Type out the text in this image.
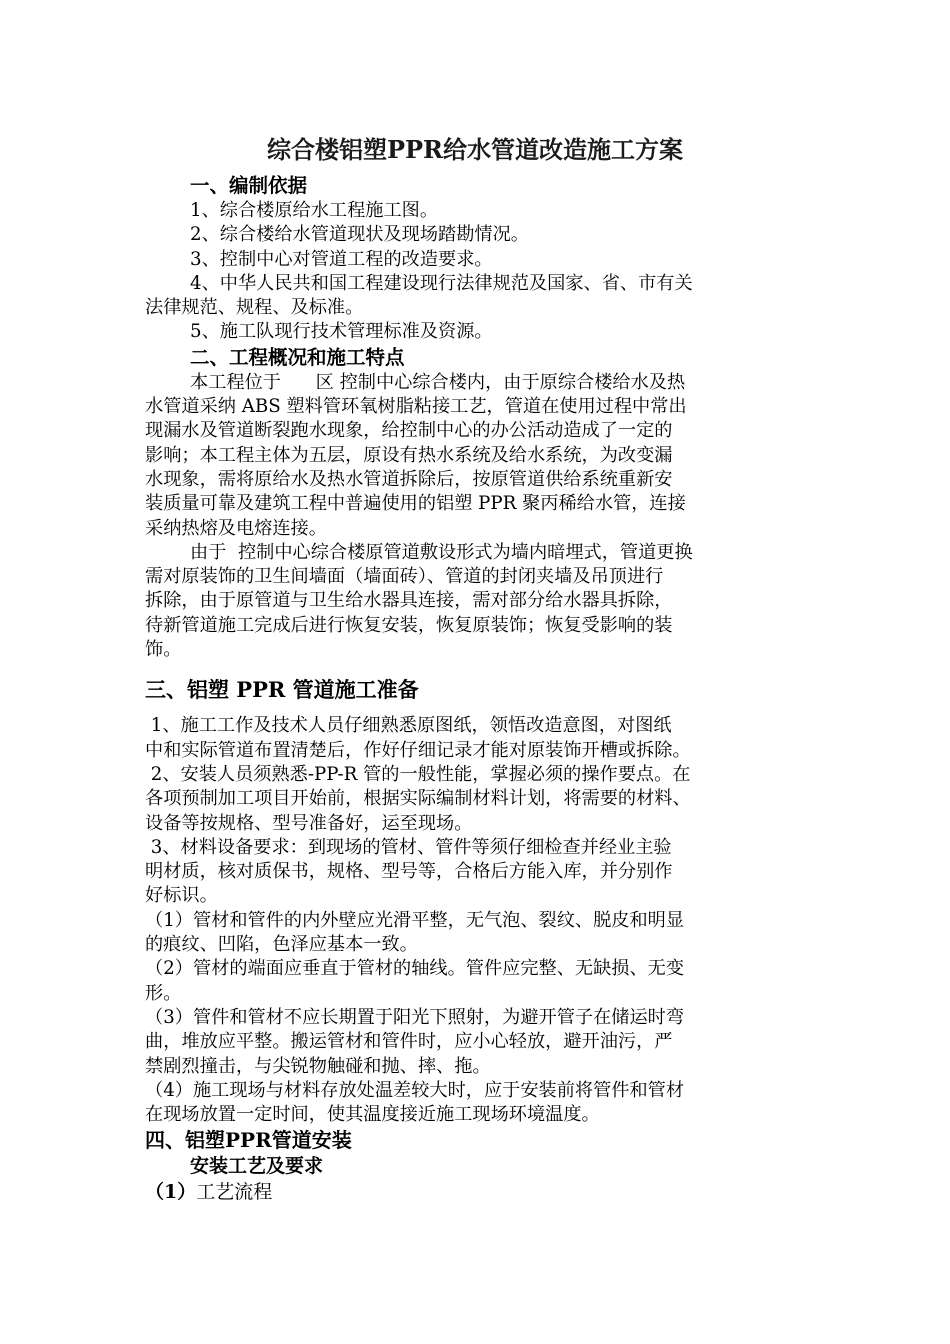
综合楼铝塑PPR给水管道改造施工方案
一、编制依据
1、综合楼原给水工程施工图。
2、综合楼给水管道现状及现场踏勘情况。
3、控制中心对管道工程的改造要求。
4、中华人民共和国工程建设现行法律规范及国家、省、市有关
法律规范、规程、及标准。
5、施工队现行技术管理标准及资源。
二、工程概况和施工特点
本工程位于      区 控制中心综合楼内，由于原综合楼给水及热
水管道采纳 ABS 塑料管环氧树脂粘接工艺，管道在使用过程中常出
现漏水及管道断裂跑水现象，给控制中心的办公活动造成了一定的
影响；本工程主体为五层，原设有热水系统及给水系统，为改变漏
水现象，需将原给水及热水管道拆除后，按原管道供给系统重新安
装质量可靠及建筑工程中普遍使用的铝塑 PPR 聚丙稀给水管，连接
采纳热熔及电熔连接。
由于  控制中心综合楼原管道敷设形式为墙内暗埋式，管道更换
需对原装饰的卫生间墙面（墙面砖）、管道的封闭夹墙及吊顶进行
拆除，由于原管道与卫生给水器具连接，需对部分给水器具拆除，
待新管道施工完成后进行恢复安装，恢复原装饰；恢复受影响的装
饰。
三、铝塑 PPR 管道施工准备
1、施工工作及技术人员仔细熟悉原图纸，领悟改造意图，对图纸
中和实际管道布置清楚后，作好仔细记录才能对原装饰开槽或拆除。
2、安装人员须熟悉-PP-R 管的一般性能，掌握必须的操作要点。在
各项预制加工项目开始前，根据实际编制材料计划，将需要的材料、
设备等按规格、型号准备好，运至现场。
3、材料设备要求：到现场的管材、管件等须仔细检查并经业主验
明材质，核对质保书，规格、型号等，合格后方能入库，并分别作
好标识。
（1）管材和管件的内外壁应光滑平整，无气泡、裂纹、脱皮和明显
的痕纹、凹陷，色泽应基本一致。
（2）管材的端面应垂直于管材的轴线。管件应完整、无缺损、无变
形。
（3）管件和管材不应长期置于阳光下照射，为避开管子在储运时弯
曲，堆放应平整。搬运管材和管件时，应小心轻放，避开油污，严
禁剧烈撞击，与尖锐物触碰和抛、摔、拖。
（4）施工现场与材料存放处温差较大时，应于安装前将管件和管材
在现场放置一定时间，使其温度接近施工现场环境温度。
四、铝塑PPR管道安装
安装工艺及要求
（1）工艺流程
